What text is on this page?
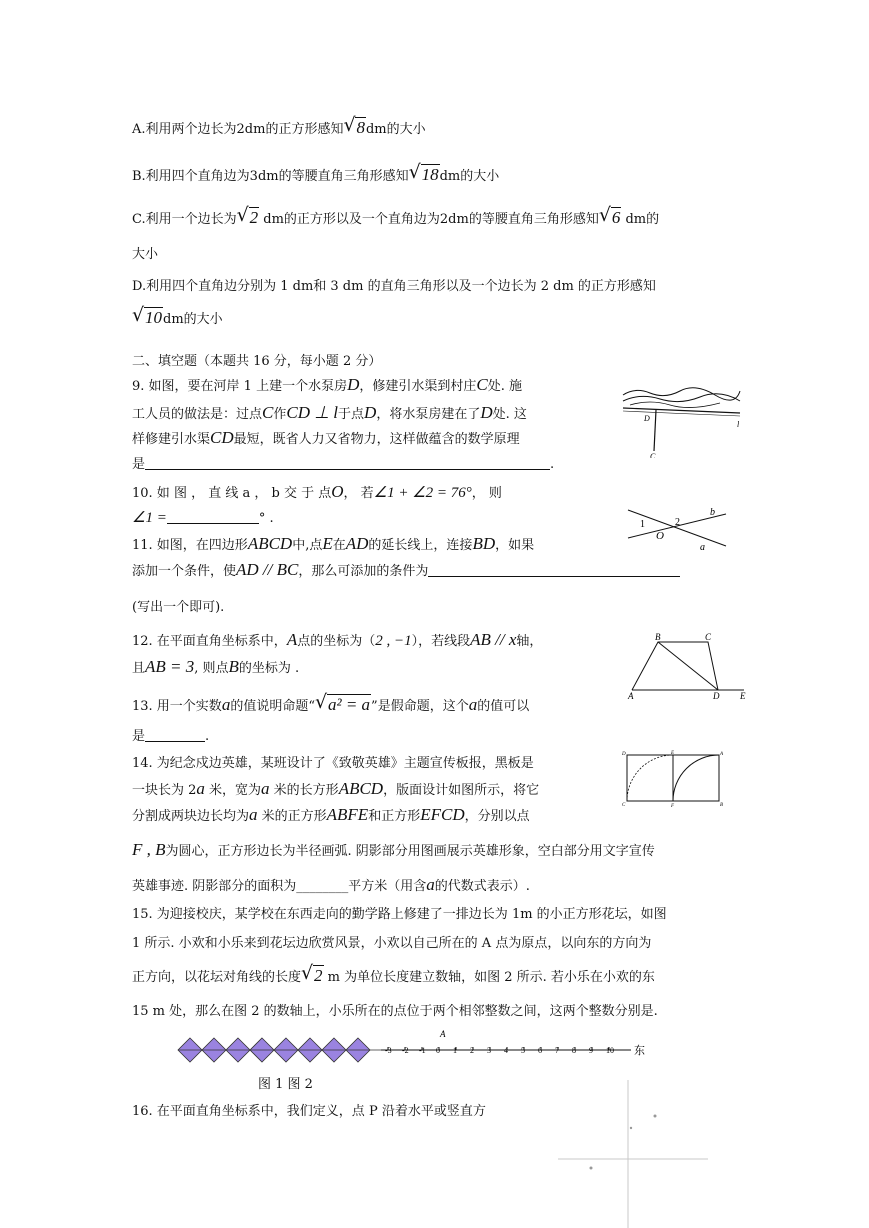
A.利用两个边长为2dm的正方形感知 √ 8dm的大小
B.利用四个直角边为3dm的等腰直角三角形感知 √ 18dm的大小
C.利用一个边长为 √ 2 dm的正方形以及一个直角边为2dm的等腰直角三角形感知 √ 6 dm的
大小
D.利用四个直角边分别为 1 dm和 3 dm 的直角三角形以及一个边长为 2 dm 的正方形感知
√ 10dm的大小
二、填空题（本题共 16 分，每小题 2 分）
9. 如图，要在河岸 1 上建一个水泵房D，修建引水渠到村庄C处. 施
工人员的做法是：过点C作CD ⊥ l于点D，将水泵房建在了D处. 这
样修建引水渠CD最短，既省人力又省物力，这样做蕴含的数学原理
是	.
10. 如 图 ， 直 线 a ， b 交 于 点O， 若∠1 + ∠2 = 76°， 则
∠1 =	° .
11. 如图，在四边形ABCD中,点E在AD的延长线上，连接BD，如果
添加一个条件，使AD // BC，那么可添加的条件为
(写出一个即可).
12. 在平面直角坐标系中，A点的坐标为（2 , −1），若线段AB // x轴，
且AB = 3, 则点B的坐标为 .
13. 用一个实数a的值说明命题“ √ a² = a”是假命题，这个a的值可以
是	.
14. 为纪念戍边英雄，某班设计了《致敬英雄》主题宣传板报，黑板是
一块长为 2a 米，宽为a 米的长方形ABCD，版面设计如图所示，将它
分割成两块边长均为a 米的正方形ABFE和正方形EFCD，分别以点
F , B为圆心，正方形边长为半径画弧. 阴影部分用图画展示英雄形象，空白部分用文字宣传
英雄事迹. 阴影部分的面积为________平方米（用含a的代数式表示）.
15. 为迎接校庆，某学校在东西走向的勤学路上修建了一排边长为 1m 的小正方形花坛，如图
1 所示. 小欢和小乐来到花坛边欣赏风景，小欢以自己所在的 A 点为原点，以向东的方向为
正方向，以花坛对角线的长度 √ 2 m 为单位长度建立数轴，如图 2 所示. 若小乐在小欢的东
15 m 处，那么在图 2 的数轴上，小乐所在的点位于两个相邻整数之间，这两个整数分别是.
-3 -2 -1 0 1 2 3 4 5 6 7 8 9 10
A
东
图 1 图 2
16. 在平面直角坐标系中，我们定义，点 P 沿着水平或竖直方
D
l
C
1
O
2
b
a
A
B	C
D E
D	E	A
C	F	B
